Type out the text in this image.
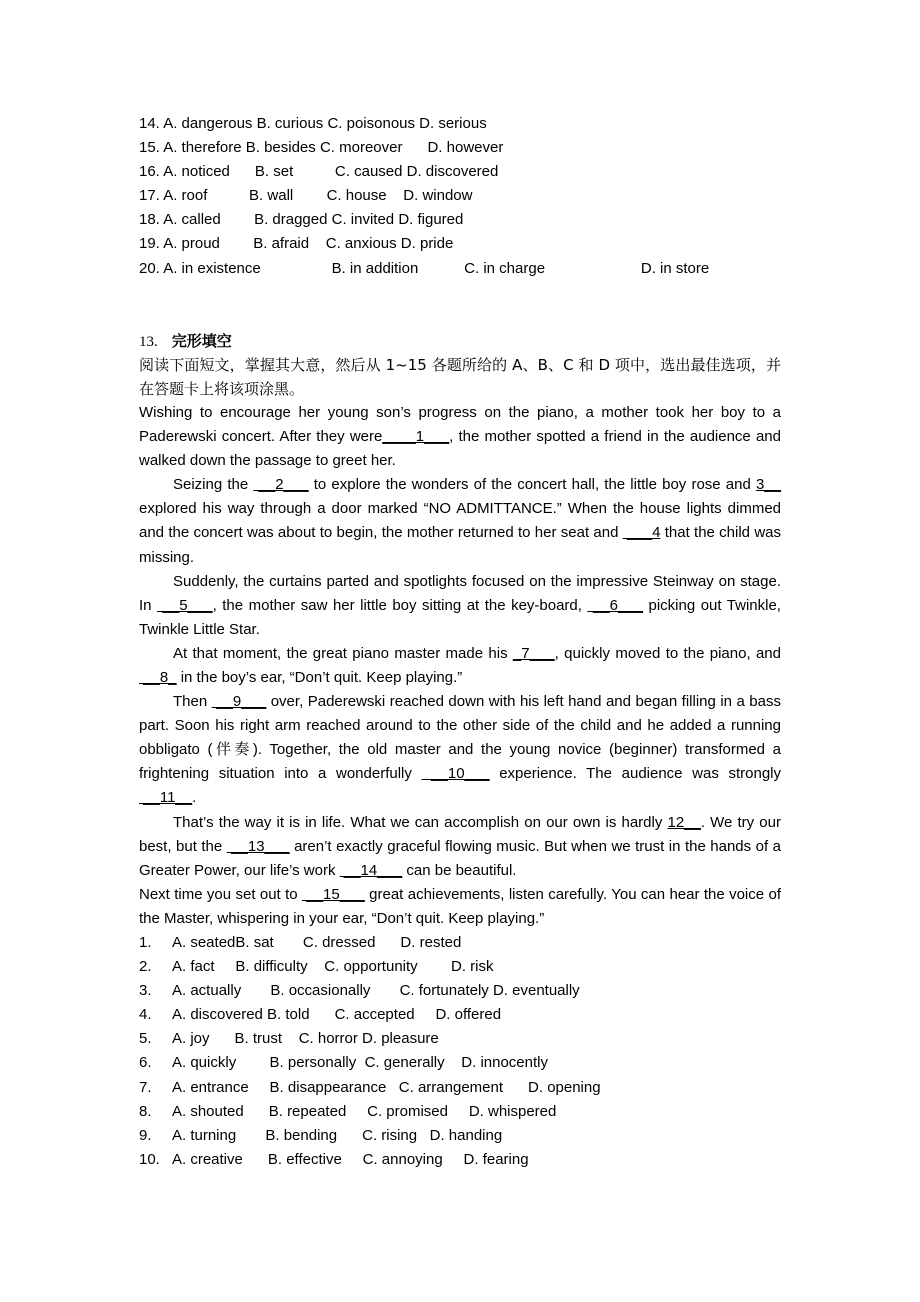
14. A. dangerous B. curious C. poisonous D. serious
15. A. therefore B. besides C. moreover      D. however
16. A. noticed      B. set          C. caused D. discovered
17. A. roof          B. wall        C. house    D. window
18. A. called        B. dragged C. invited D. figured
19. A. proud        B. afraid    C. anxious D. pride
20. A. in existence                 B. in addition           C. in charge                       D. in store
13. 完形填空

阅读下面短文，掌握其大意，然后从 1~15 各题所给的 A、B、C 和 D 项中，选出最佳选项，并在答题卡上将该项涂黑。

Wishing to encourage her young son’s progress on the piano, a mother took her boy to a Paderewski concert. After they were____1___, the mother spotted a friend in the audience and walked down the passage to greet her.

Seizing the  __2___ to explore the wonders of the concert hall, the little boy rose and 3__ explored his way through a door marked “NO ADMITTANCE.” When the house lights dimmed and the concert was about to begin, the mother returned to her seat and  ___4 that the child was missing.

Suddenly, the curtains parted and spotlights focused on the impressive Steinway on stage. In  __5___, the mother saw her little boy sitting at the key-board,  __6___ picking out Twinkle, Twinkle Little Star.

At that moment, the great piano master made his _7___, quickly moved to the piano, and  __8_ in the boy’s ear, “Don’t quit. Keep playing.”

Then  __9___ over, Paderewski reached down with his left hand and began filling in a bass part. Soon his right arm reached around to the other side of the child and he added a running obbligato (伴奏). Together, the old master and the young novice (beginner) transformed a frightening situation into a wonderfully  __10___ experience. The audience was strongly  __11__.

That’s the way it is in life. What we can accomplish on our own is hardly 12__. We try our best, but the  __13___ aren’t exactly graceful flowing music. But when we trust in the hands of a Greater Power, our life’s work  __14___ can be beautiful.

Next time you set out to  __15___ great achievements, listen carefully. You can hear the voice of the Master, whispering in your ear, “Don’t quit. Keep playing.”

1.	A. seatedB. sat       C. dressed      D. rested
2.	A. fact     B. difficulty    C. opportunity        D. risk
3.	A. actually       B. occasionally       C. fortunately D. eventually
4.	A. discovered B. told      C. accepted     D. offered
5.	A. joy      B. trust    C. horror D. pleasure
6.	A. quickly        B. personally  C. generally    D. innocently
7.	A. entrance     B. disappearance   C. arrangement      D. opening
8.	A. shouted      B. repeated     C. promised     D. whispered
9.	A. turning       B. bending      C. rising   D. handing
10. A. creative      B. effective     C. annoying     D. fearing
